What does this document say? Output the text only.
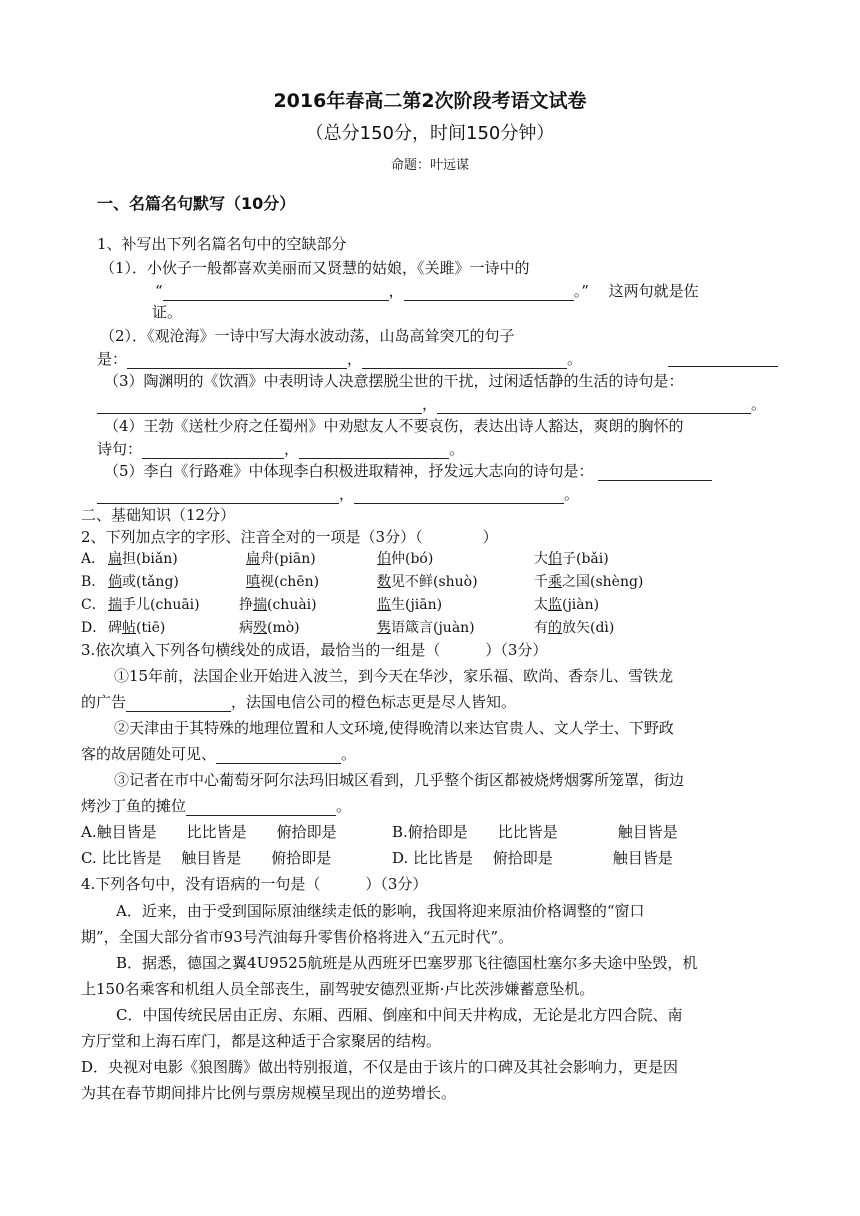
2016年春高二第2次阶段考语文试卷
（总分150分，时间150分钟）
命题：叶远谋
一、名篇名句默写（10分）
1、补写出下列名篇名句中的空缺部分
（1）．小伙子一般都喜欢美丽而又贤慧的姑娘，《关雎》一诗中的
“	，	。”　 这两句就是佐
证。
（2）．《观沧海》一诗中写大海水波动荡，山岛高耸突兀的句子
是：	，	。
（3）陶渊明的《饮酒》中表明诗人决意摆脱尘世的干扰，过闲适恬静的生活的诗句是：
，	。
（4）王勃《送杜少府之任蜀州》中劝慰友人不要哀伤，表达出诗人豁达，爽朗的胸怀的
诗句：	，	。
（5）李白《行路难》中体现李白积极进取精神，抒发远大志向的诗句是：
，	。
二、基础知识（12分）
2、下列加点字的字形、注音全对的一项是（3分）（　　　　）
A． 扁担(biǎn)	扁舟(piān)	伯仲(bó)	大伯子(bǎi)
B． 倘或(tǎng)	嗔视(chēn)	数见不鲜(shuò)	千乘之国(shèng)
C． 揣手儿(chuāi)	挣揣(chuài)	监生(jiān)	太监(jiàn)
D． 碑帖(tiē)	病殁(mò)	隽语箴言(juàn)	有的放矢(dì)
3.依次填入下列各句横线处的成语，最恰当的一组是（　　　）（3分）
①15年前，法国企业开始进入波兰，到今天在华沙，家乐福、欧尚、香奈儿、雪铁龙
的广告	，法国电信公司的橙色标志更是尽人皆知。
②天津由于其特殊的地理位置和人文环境,使得晚清以来达官贵人、文人学士、下野政
客的故居随处可见、	。
③记者在市中心葡萄牙阿尔法玛旧城区看到，几乎整个街区都被烧烤烟雾所笼罩，街边
烤沙丁鱼的摊位	。
A.触目皆是　　比比皆是　　俯拾即是	B.俯拾即是　　比比皆是　　　　触目皆是
C. 比比皆是　 触目皆是　　俯拾即是	D. 比比皆是　 俯拾即是　　　　触目皆是
4.下列各句中，没有语病的一句是（　　　）（3分）
A．近来，由于受到国际原油继续走低的影响，我国将迎来原油价格调整的“窗口
期”，全国大部分省市93号汽油每升零售价格将进入“五元时代”。
B．据悉，德国之翼4U9525航班是从西班牙巴塞罗那飞往德国杜塞尔多夫途中坠毁，机
上150名乘客和机组人员全部丧生，副驾驶安德烈亚斯·卢比茨涉嫌蓄意坠机。
C．中国传统民居由正房、东厢、西厢、倒座和中间天井构成，无论是北方四合院、南
方厅堂和上海石库门，都是这种适于合家聚居的结构。
D．央视对电影《狼图腾》做出特别报道，不仅是由于该片的口碑及其社会影响力，更是因
为其在春节期间排片比例与票房规模呈现出的逆势增长。
